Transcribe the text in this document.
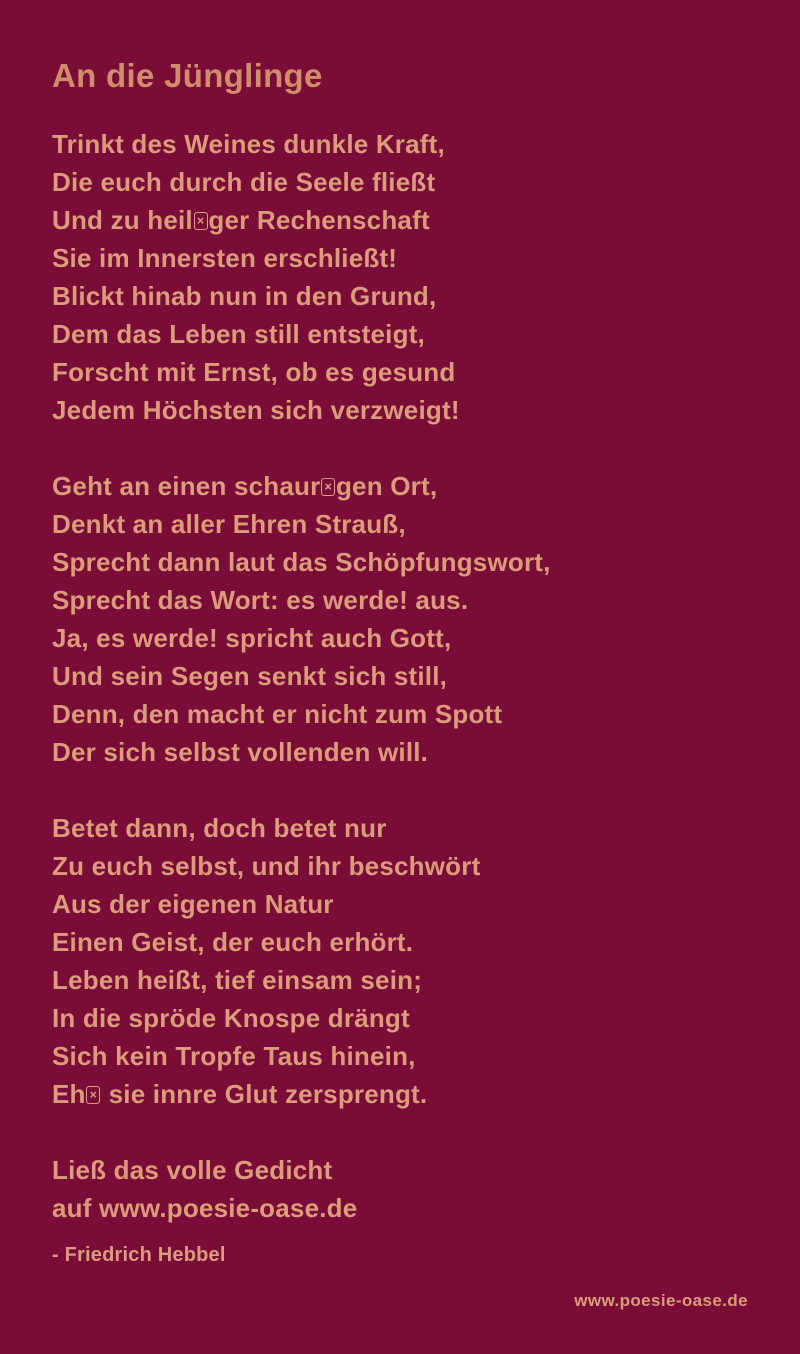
An die Jünglinge
Trinkt des Weines dunkle Kraft,
Die euch durch die Seele fließt
Und zu heil × ger Rechenschaft
Sie im Innersten erschließt!
Blickt hinab nun in den Grund,
Dem das Leben still entsteigt,
Forscht mit Ernst, ob es gesund
Jedem Höchsten sich verzweigt!
Geht an einen schaur × gen Ort,
Denkt an aller Ehren Strauß,
Sprecht dann laut das Schöpfungswort,
Sprecht das Wort: es werde! aus.
Ja, es werde! spricht auch Gott,
Und sein Segen senkt sich still,
Denn, den macht er nicht zum Spott
Der sich selbst vollenden will.
Betet dann, doch betet nur
Zu euch selbst, und ihr beschwört
Aus der eigenen Natur
Einen Geist, der euch erhört.
Leben heißt, tief einsam sein;
In die spröde Knospe drängt
Sich kein Tropfe Taus hinein,
Eh × sie innre Glut zersprengt.
Ließ das volle Gedicht
auf www.poesie-oase.de
- Friedrich Hebbel
www.poesie-oase.de
